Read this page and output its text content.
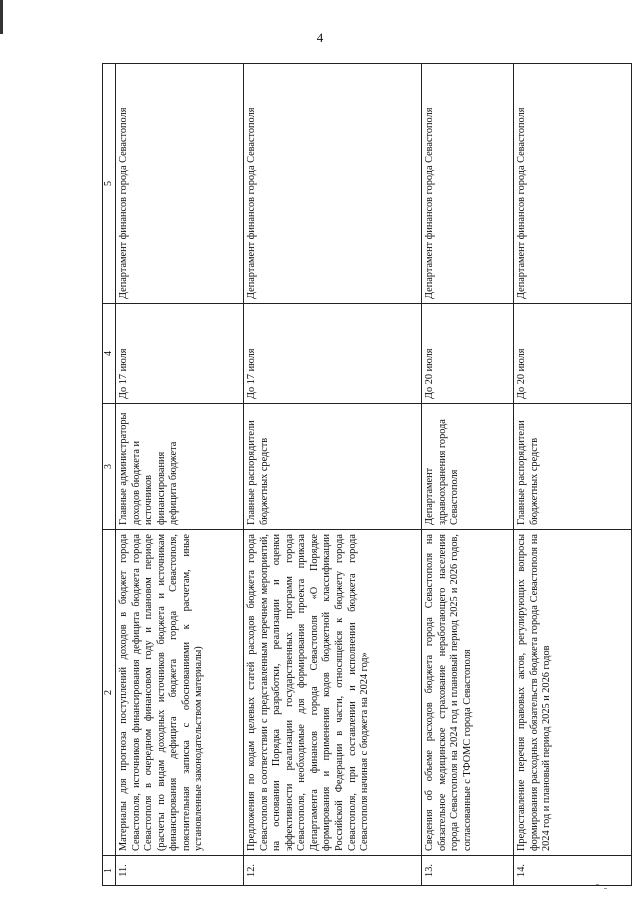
4
1	2	3	4	5
11.	Материалы для прогноза поступлений доходов в бюджет города Севастополя, источников финансирования дефицита бюджета города Севастополя в очередном финансовом году и плановом периоде (расчеты по видам доходных источников бюджета и источникам финансирования дефицита бюджета города Севастополя, пояснительная записка с обоснованиями к расчетам, иные установленные законодательством материалы)	Главные администраторы доходов бюджета и источников финансирования дефицита бюджета	До 17 июля	Департамент финансов города Севастополя
12.	Предложения по кодам целевых статей расходов бюджета города Севастополя в соответствии с представленным перечнем мероприятий, на основании Порядка разработки, реализации и оценки эффективности реализации государственных программ города Севастополя, необходимые для формирования проекта приказа Департамента финансов города Севастополя «О Порядке формирования и применения кодов бюджетной классификации Российской Федерации в части, относящейся к бюджету города Севастополя, при составлении и исполнении бюджета города Севастополя начиная с бюджета на 2024 год»	Главные распорядители бюджетных средств	До 17 июля	Департамент финансов города Севастополя
13.	Сведения об объеме расходов бюджета города Севастополя на обязательное медицинское страхование неработающего населения города Севастополя на 2024 год и плановый период 2025 и 2026 годов, согласованные с ТФОМС города Севастополя	Департамент здравоохранения города Севастополя	До 20 июля	Департамент финансов города Севастополя
14.	Предоставление перечня правовых актов, регулирующих вопросы формирования расходных обязательств бюджета города Севастополя на 2024 год и плановый период 2025 и 2026 годов	Главные распорядители бюджетных средств	До 20 июля	Департамент финансов города Севастополя
